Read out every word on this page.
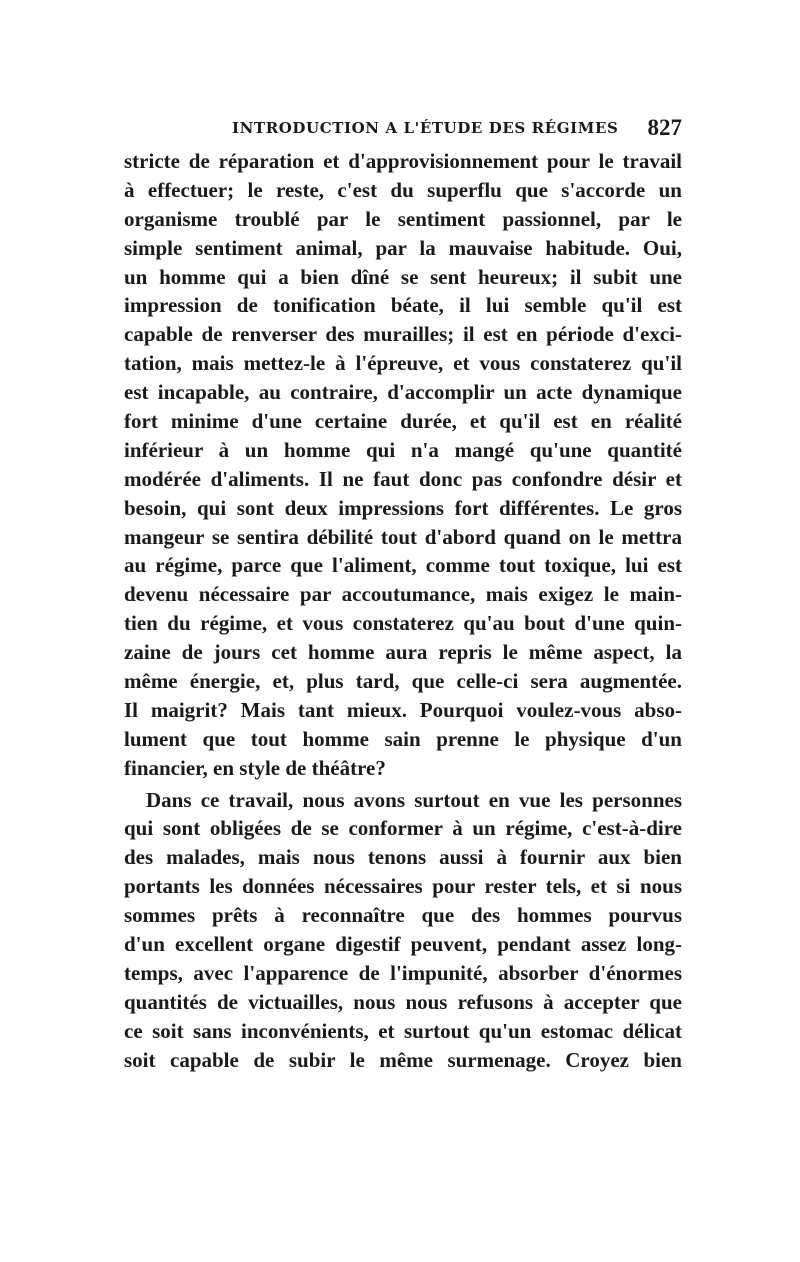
INTRODUCTION A L'ÉTUDE DES RÉGIMES 827
stricte de réparation et d'approvisionnement pour le travail
à effectuer; le reste, c'est du superflu que s'accorde un
organisme troublé par le sentiment passionnel, par le
simple sentiment animal, par la mauvaise habitude. Oui,
un homme qui a bien dîné se sent heureux; il subit une
impression de tonification béate, il lui semble qu'il est
capable de renverser des murailles; il est en période d'exci-
tation, mais mettez-le à l'épreuve, et vous constaterez qu'il
est incapable, au contraire, d'accomplir un acte dynamique
fort minime d'une certaine durée, et qu'il est en réalité
inférieur à un homme qui n'a mangé qu'une quantité
modérée d'aliments. Il ne faut donc pas confondre désir et
besoin, qui sont deux impressions fort différentes. Le gros
mangeur se sentira débilité tout d'abord quand on le mettra
au régime, parce que l'aliment, comme tout toxique, lui est
devenu nécessaire par accoutumance, mais exigez le main-
tien du régime, et vous constaterez qu'au bout d'une quin-
zaine de jours cet homme aura repris le même aspect, la
même énergie, et, plus tard, que celle-ci sera augmentée.
Il maigrit? Mais tant mieux. Pourquoi voulez-vous abso-
lument que tout homme sain prenne le physique d'un
financier, en style de théâtre?
Dans ce travail, nous avons surtout en vue les personnes
qui sont obligées de se conformer à un régime, c'est-à-dire
des malades, mais nous tenons aussi à fournir aux bien
portants les données nécessaires pour rester tels, et si nous
sommes prêts à reconnaître que des hommes pourvus
d'un excellent organe digestif peuvent, pendant assez long-
temps, avec l'apparence de l'impunité, absorber d'énormes
quantités de victuailles, nous nous refusons à accepter que
ce soit sans inconvénients, et surtout qu'un estomac délicat
soit capable de subir le même surmenage. Croyez bien
